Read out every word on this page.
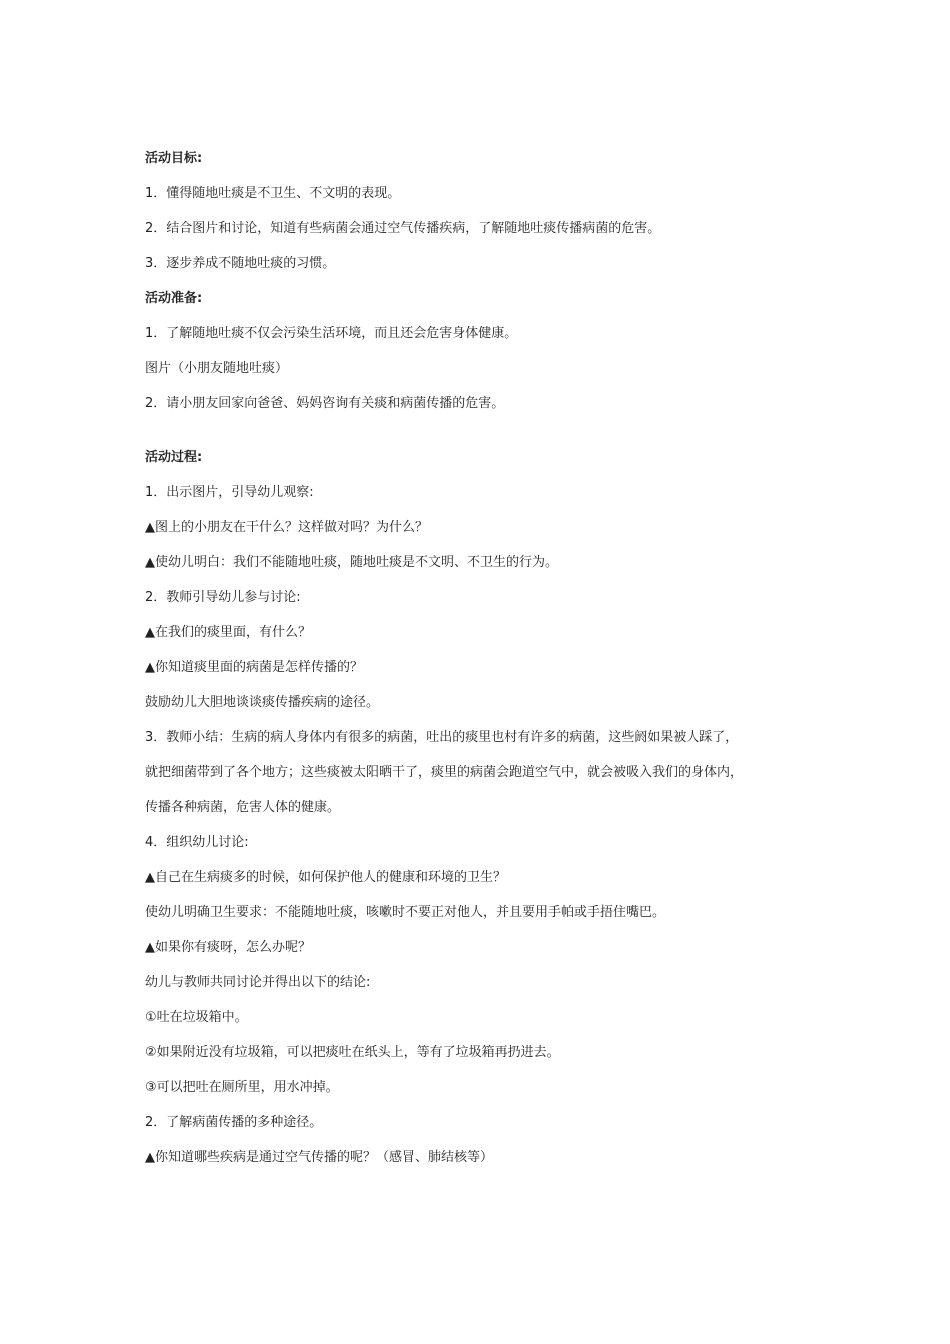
活动目标:
1．懂得随地吐痰是不卫生、不文明的表现。
2．结合图片和讨论，知道有些病菌会通过空气传播疾病，了解随地吐痰传播病菌的危害。
3．逐步养成不随地吐痰的习惯。
活动准备:
1．了解随地吐痰不仅会污染生活环境，而且还会危害身体健康。
图片（小朋友随地吐痰）
2．请小朋友回家向爸爸、妈妈咨询有关痰和病菌传播的危害。
活动过程:
1．出示图片，引导幼儿观察:
▲图上的小朋友在干什么？这样做对吗？为什么？
▲使幼儿明白：我们不能随地吐痰，随地吐痰是不文明、不卫生的行为。
2．教师引导幼儿参与讨论:
▲在我们的痰里面，有什么？
▲你知道痰里面的病菌是怎样传播的？
鼓励幼儿大胆地谈谈痰传播疾病的途径。
3．教师小结：生病的病人身体内有很多的病菌，吐出的痰里也村有许多的病菌，这些阏如果被人踩了，
就把细菌带到了各个地方；这些痰被太阳晒干了，痰里的病菌会跑道空气中，就会被吸入我们的身体内，
传播各种病菌，危害人体的健康。
4．组织幼儿讨论:
▲自己在生病痰多的时候，如何保护他人的健康和环境的卫生？
使幼儿明确卫生要求：不能随地吐痰，咳嗽时不要正对他人，并且要用手帕或手捂住嘴巴。
▲如果你有痰呀，怎么办呢？
幼儿与教师共同讨论并得出以下的结论:
①吐在垃圾箱中。
②如果附近没有垃圾箱，可以把痰吐在纸头上，等有了垃圾箱再扔进去。
③可以把吐在厕所里，用水冲掉。
2．了解病菌传播的多种途径。
▲你知道哪些疾病是通过空气传播的呢？（感冒、肺结核等）
